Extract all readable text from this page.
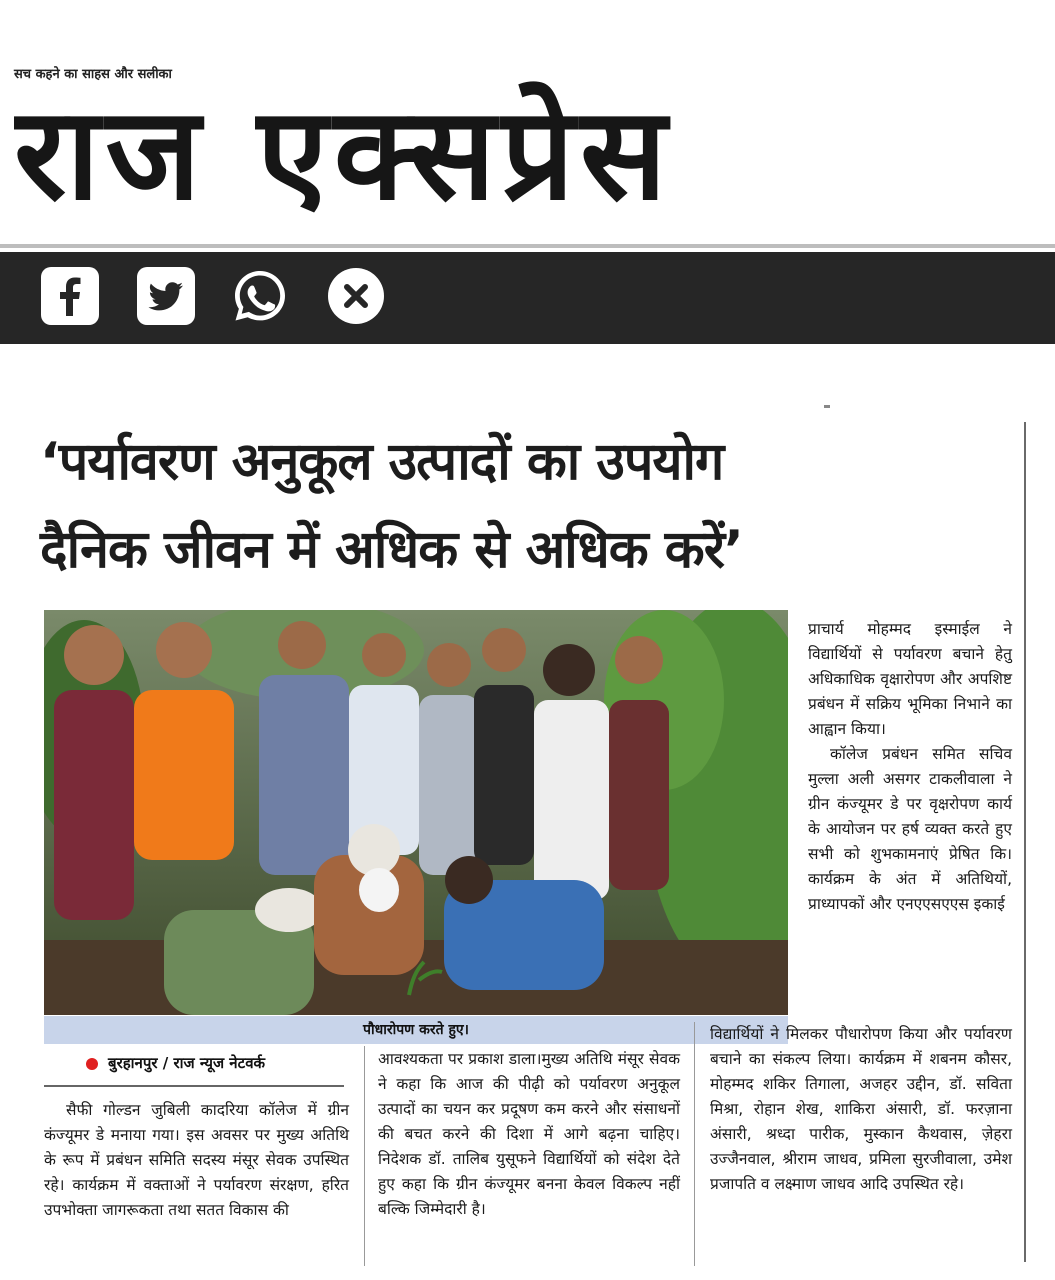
सच कहने का साहस और सलीका
राज एक्सप्रेस
‘पर्यावरण अनुकूल उत्पादों का उपयोग
दैनिक जीवन में अधिक से अधिक करें’
पौधारोपण करते हुए।
बुरहानपुर / राज न्यूज नेटवर्क
सैफी गोल्डन जुबिली कादरिया कॉलेज में ग्रीन कंज्यूमर डे मनाया गया। इस अवसर पर मुख्य अतिथि के रूप में प्रबंधन समिति सदस्य मंसूर सेवक उपस्थित रहे। कार्यक्रम में वक्ताओं ने पर्यावरण संरक्षण, हरित उपभोक्ता जागरूकता तथा सतत विकास की
आवश्यकता पर प्रकाश डाला।मुख्य अतिथि मंसूर सेवक ने कहा कि आज की पीढ़ी को पर्यावरण अनुकूल उत्पादों का चयन कर प्रदूषण कम करने और संसाधनों की बचत करने की दिशा में आगे बढ़ना चाहिए। निदेशक डॉ. तालिब युसूफने विद्यार्थियों को संदेश देते हुए कहा कि ग्रीन कंज्यूमर बनना केवल विकल्प नहीं बल्कि जिम्मेदारी है।

प्राचार्य मोहम्मद इस्माईल ने विद्यार्थियों से पर्यावरण बचाने हेतु अधिकाधिक वृक्षारोपण और अपशिष्ट प्रबंधन में सक्रिय भूमिका निभाने का आह्वान किया।

कॉलेज प्रबंधन समित सचिव मुल्ला अली असगर टाकलीवाला ने ग्रीन कंज्यूमर डे पर वृक्षरोपण कार्य के आयोजन पर हर्ष व्यक्त करते हुए सभी को शुभकामनाएं प्रेषित कि। कार्यक्रम के अंत में अतिथियों, प्राध्यापकों और एनएएसएएस इकाई

विद्यार्थियों ने मिलकर पौधारोपण किया और पर्यावरण बचाने का संकल्प लिया। कार्यक्रम में शबनम कौसर, मोहम्मद शकिर तिगाला, अजहर उद्दीन, डॉ. सविता मिश्रा, रोहान शेख, शाकिरा अंसारी, डॉ. फरज़ाना अंसारी, श्रध्दा पारीक, मुस्कान कैथवास, ज़ेहरा उज्जैनवाल, श्रीराम जाधव, प्रमिला सुरजीवाला, उमेश प्रजापति व लक्ष्माण जाधव आदि उपस्थित रहे।
